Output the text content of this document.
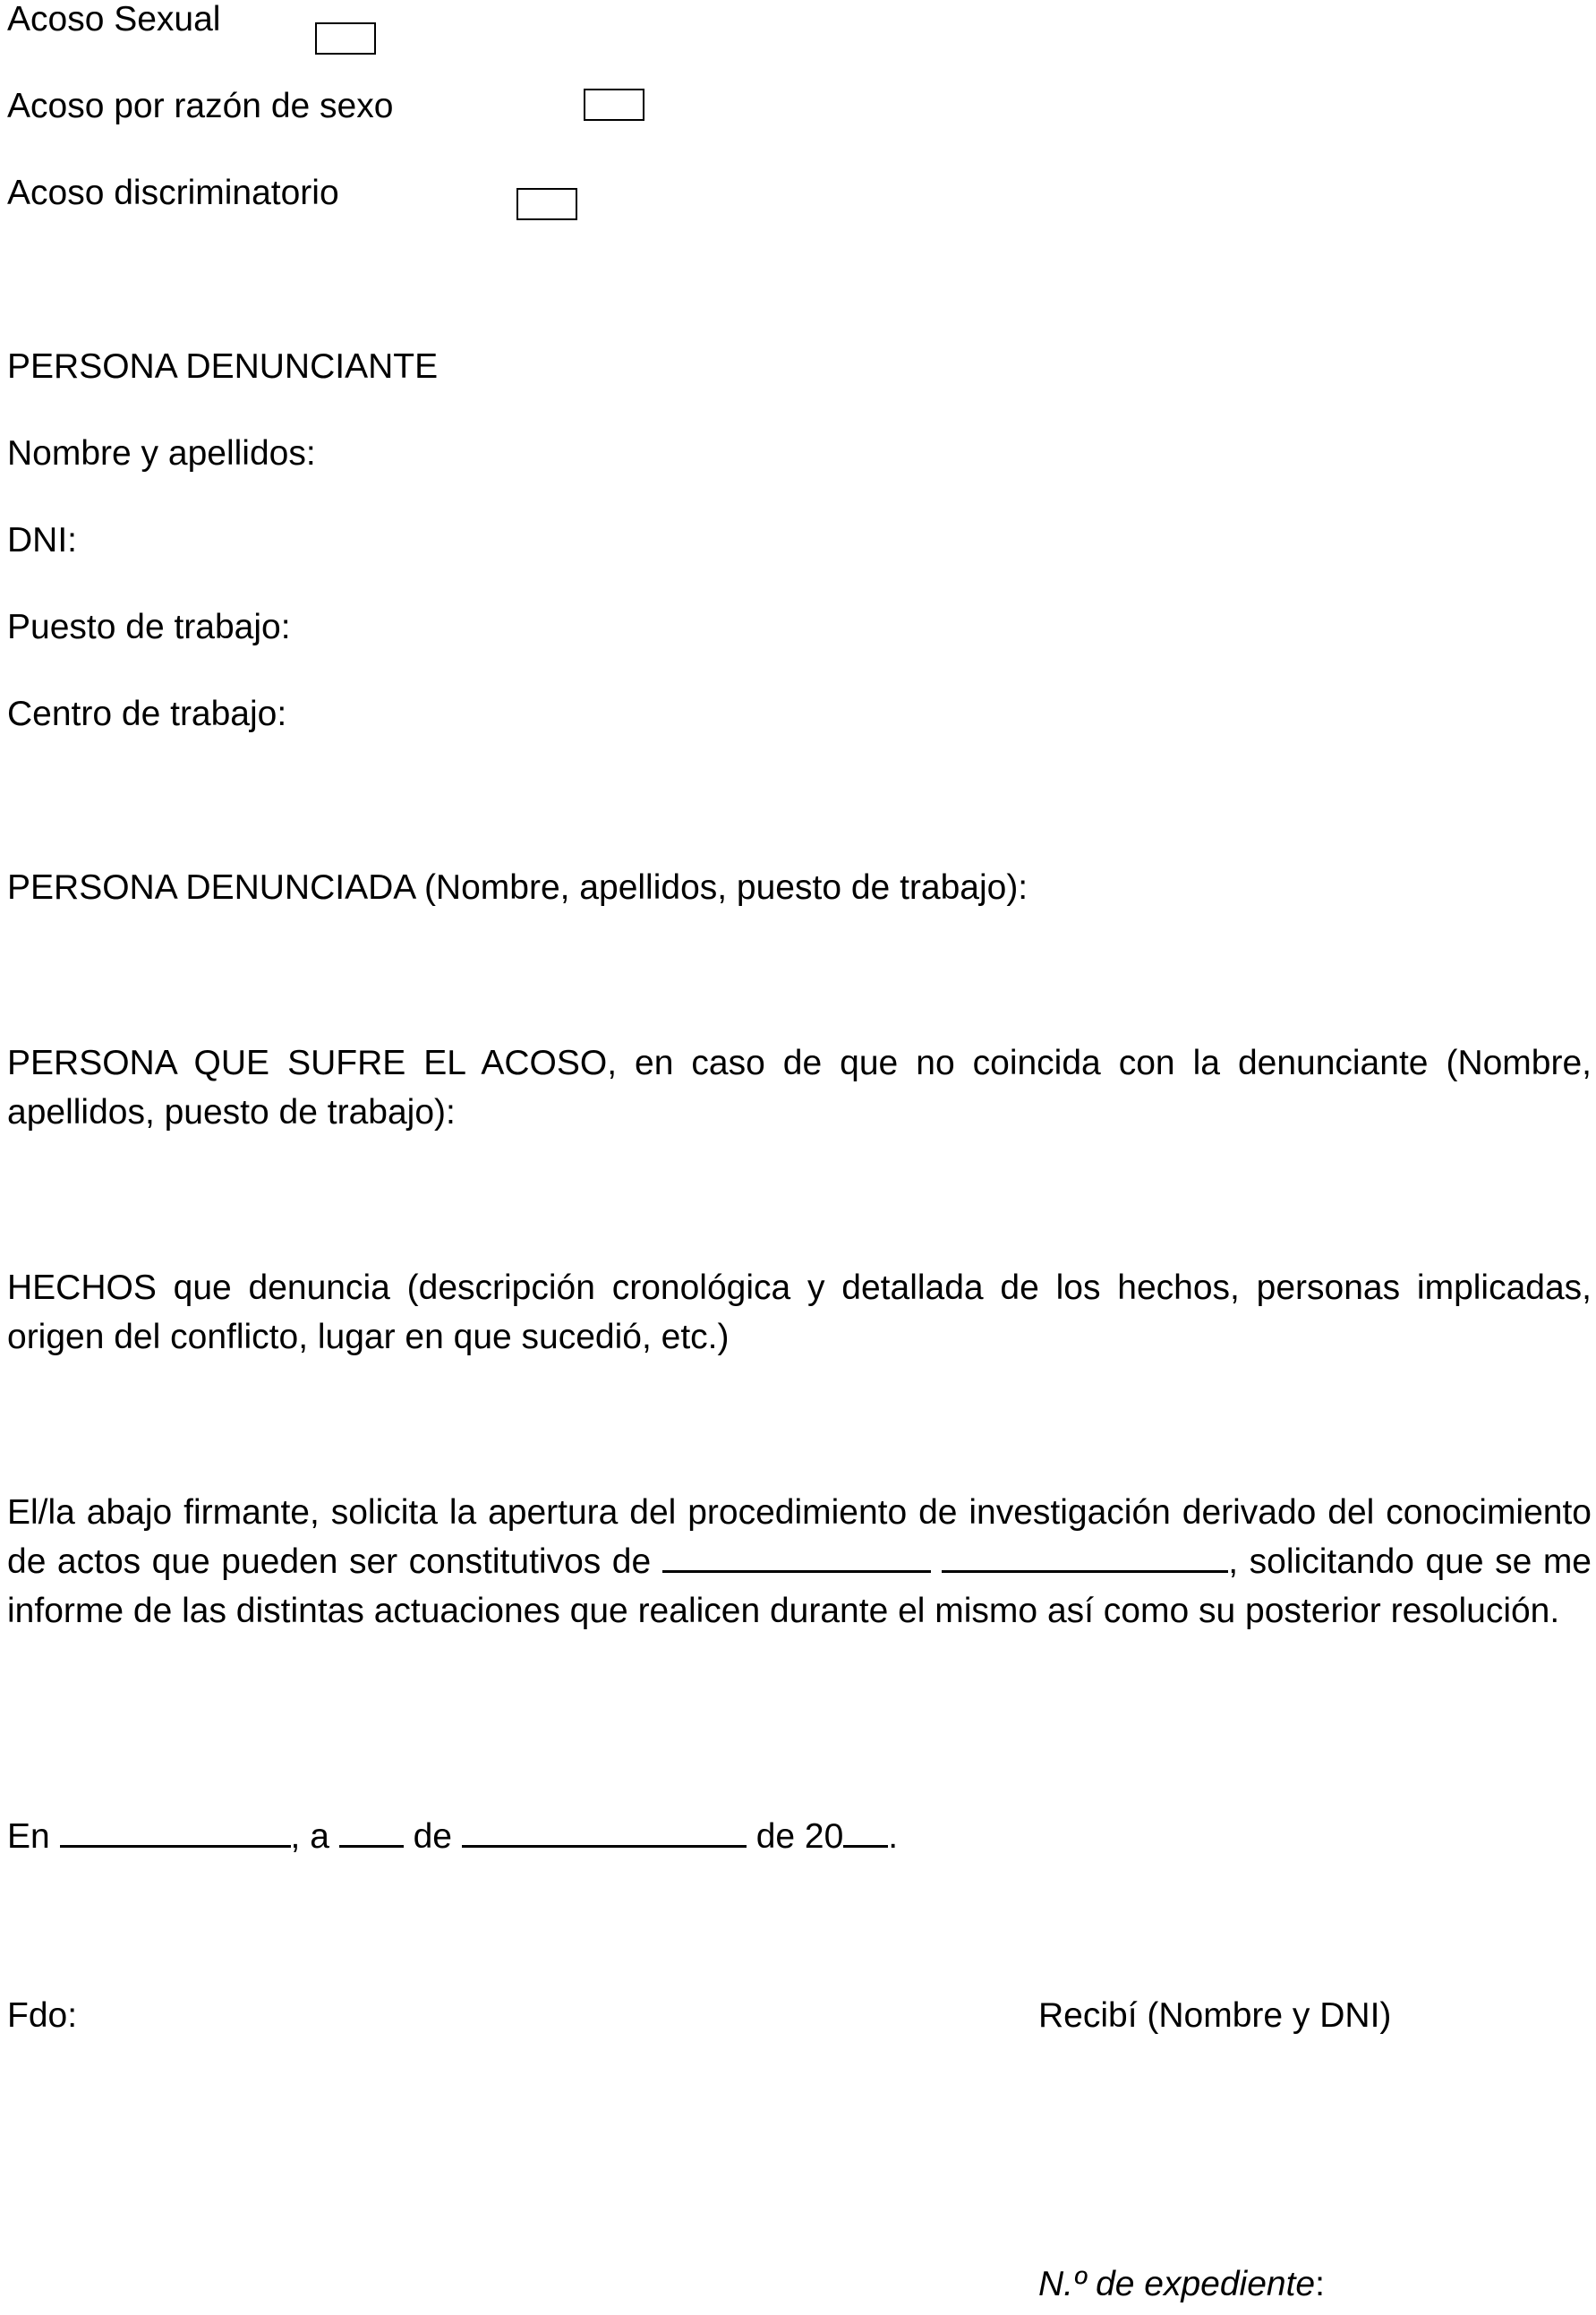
Acoso Sexual
Acoso por razón de sexo
Acoso discriminatorio
PERSONA DENUNCIANTE
Nombre y apellidos:
DNI:
Puesto de trabajo:
Centro de trabajo:
PERSONA DENUNCIADA (Nombre, apellidos, puesto de trabajo):
PERSONA QUE SUFRE EL ACOSO, en caso de que no coincida con la denunciante (Nombre, apellidos, puesto de trabajo):
HECHOS que denuncia (descripción cronológica y detallada de los hechos, personas implicadas, origen del conflicto, lugar en que sucedió, etc.)
El/la abajo firmante, solicita la apertura del procedimiento de investigación derivado del conocimiento de actos que pueden ser constitutivos de	, solicitando que se me informe de las distintas actuaciones que realicen durante el mismo así como su posterior resolución.
En	, a de	de 20 .
Fdo:	Recibí (Nombre y DNI)
N.º de expediente:
